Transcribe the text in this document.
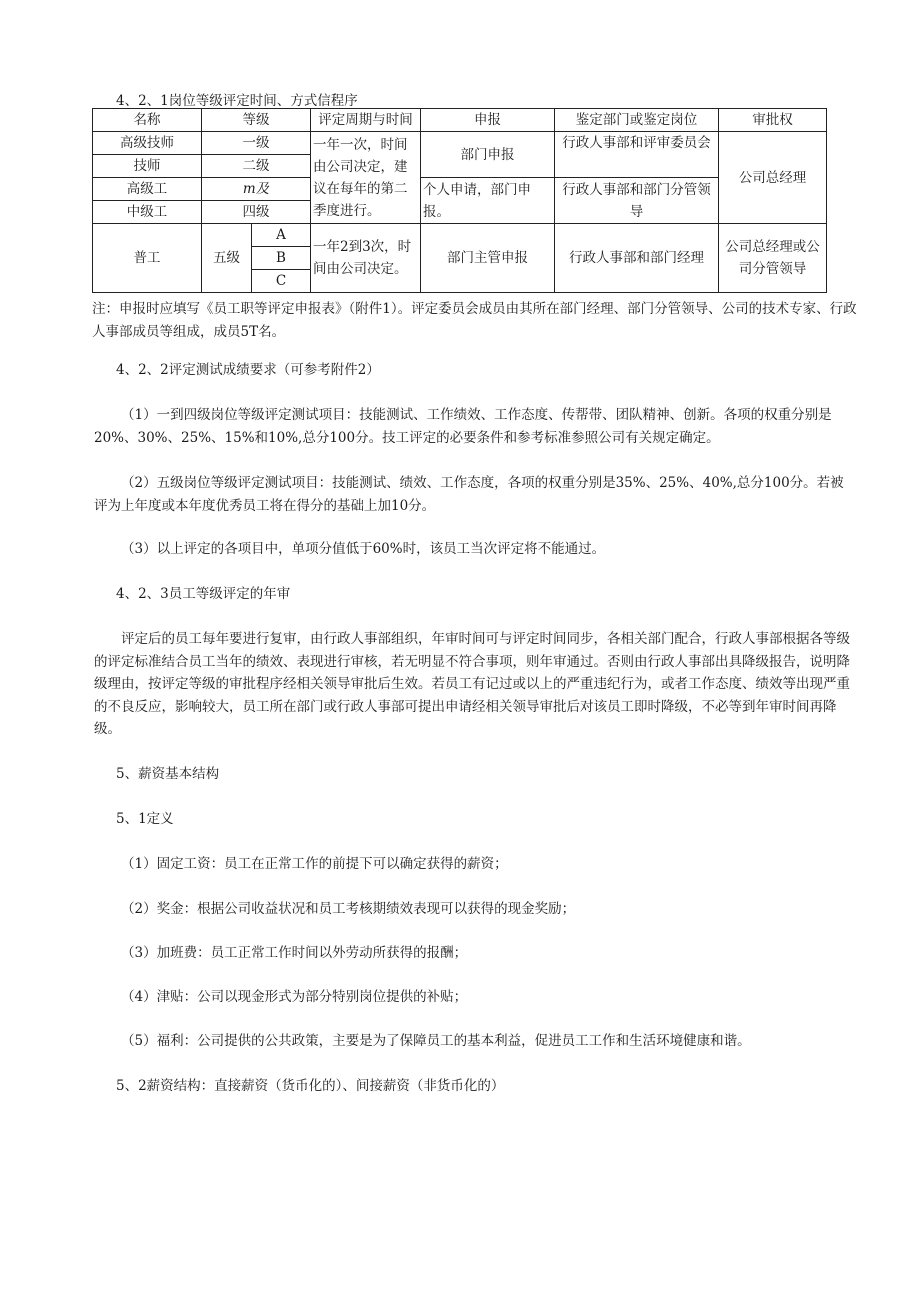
4、2、1岗位等级评定时间、方式信程序

名称	等级		评定周期与时间	申报	鉴定部门或鉴定岗位	审批权
高级技师	一级		一年一次，时间由公司决定，建议在每年的第二季度进行。	部门申报	行政人事部和评审委员会	公司总经理
技师	二级					
高级工	m及			个人申请，部门申报。	行政人事部和部门分管领导	
中级工	四级					
普工	五级	A	一年2到3次，时间由公司决定。	部门主管申报	行政人事部和部门经理	公司总经理或公司分管领导
		B				
		C				

注：申报时应填写《员工职等评定申报表》（附件1）。评定委员会成员由其所在部门经理、部门分管领导、公司的技术专家、行政人事部成员等组成，成员5T名。

4、2、2评定测试成绩要求（可参考附件2）

（1）一到四级岗位等级评定测试项目：技能测试、工作绩效、工作态度、传帮带、团队精神、创新。各项的权重分别是20%、30%、25%、15%和10%,总分100分。技工评定的必要条件和参考标准参照公司有关规定确定。

（2）五级岗位等级评定测试项目：技能测试、绩效、工作态度，各项的权重分别是35%、25%、40%,总分100分。若被评为上年度或本年度优秀员工将在得分的基础上加10分。

（3）以上评定的各项目中，单项分值低于60%时，该员工当次评定将不能通过。

4、2、3员工等级评定的年审

评定后的员工每年要进行复审，由行政人事部组织，年审时间可与评定时间同步，各相关部门配合，行政人事部根据各等级的评定标准结合员工当年的绩效、表现进行审核，若无明显不符合事项，则年审通过。否则由行政人事部出具降级报告，说明降级理由，按评定等级的审批程序经相关领导审批后生效。若员工有记过或以上的严重违纪行为，或者工作态度、绩效等出现严重的不良反应，影响较大，员工所在部门或行政人事部可提出申请经相关领导审批后对该员工即时降级，不必等到年审时间再降级。

5、薪资基本结构

5、1定义

（1）固定工资：员工在正常工作的前提下可以确定获得的薪资；

（2）奖金：根据公司收益状况和员工考核期绩效表现可以获得的现金奖励；

（3）加班费：员工正常工作时间以外劳动所获得的报酬；

（4）津贴：公司以现金形式为部分特别岗位提供的补贴；

（5）福利：公司提供的公共政策，主要是为了保障员工的基本利益，促进员工工作和生活环境健康和谐。

5、2薪资结构：直接薪资（货币化的）、间接薪资（非货币化的）
